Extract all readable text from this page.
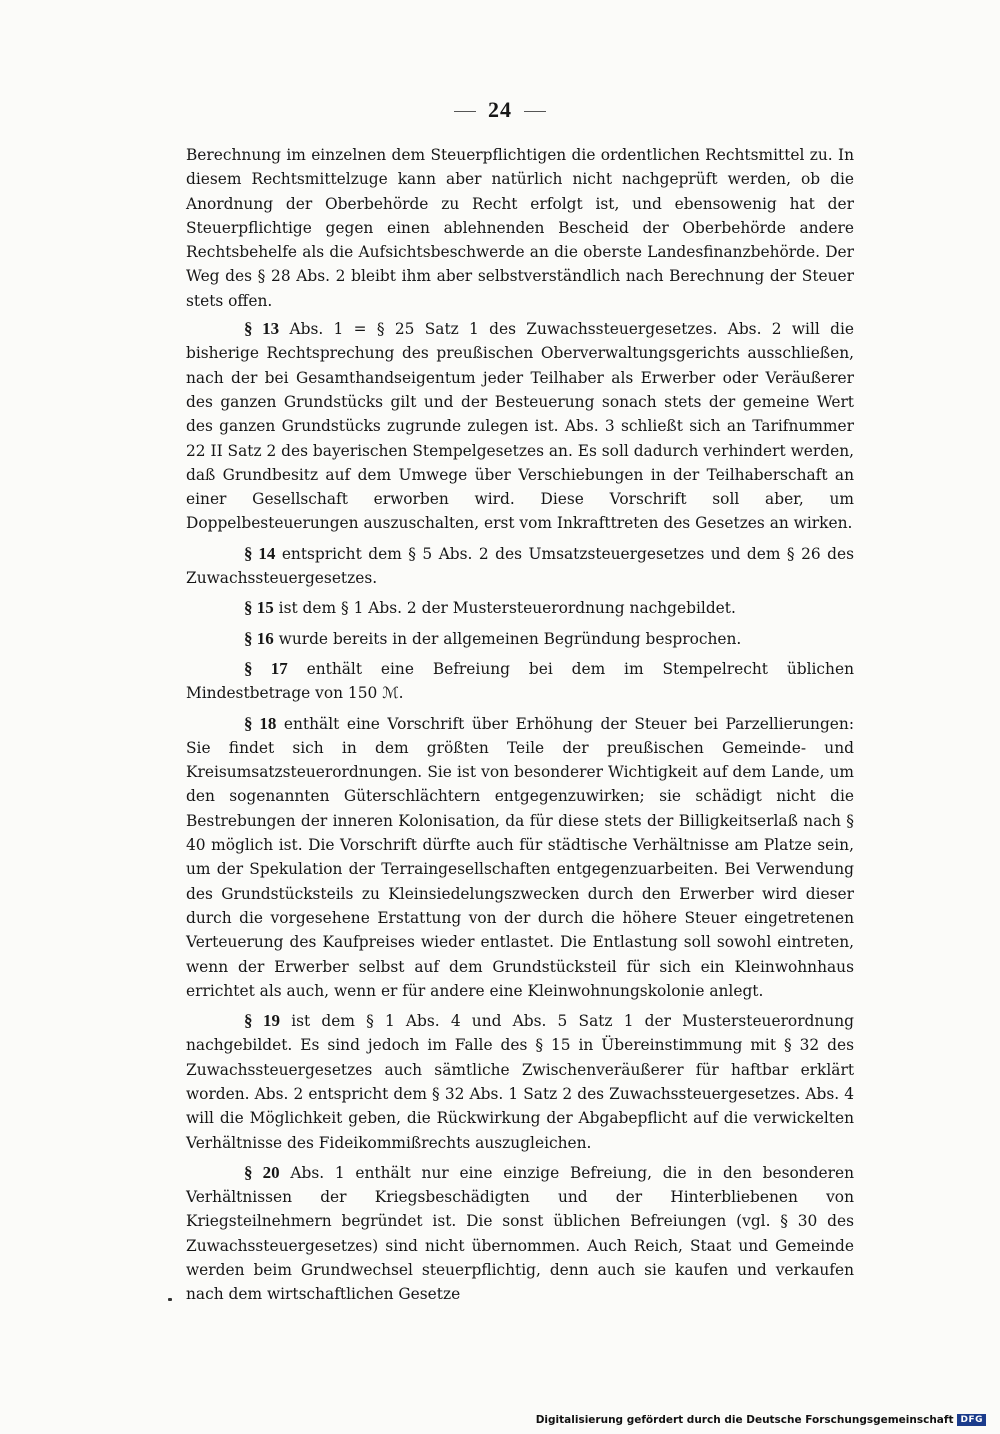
24

Berechnung im einzelnen dem Steuerpflichtigen die ordentlichen Rechtsmittel zu. In diesem Rechtsmittelzuge kann aber natürlich nicht nachgeprüft werden, ob die Anordnung der Oberbehörde zu Recht erfolgt ist, und ebensowenig hat der Steuerpflichtige gegen einen ablehnenden Bescheid der Oberbehörde andere Rechtsbehelfe als die Aufsichtsbeschwerde an die oberste Landesfinanzbehörde. Der Weg des § 28 Abs. 2 bleibt ihm aber selbstverständlich nach Berechnung der Steuer stets offen.

§ 13 Abs. 1 = § 25 Satz 1 des Zuwachssteuergesetzes. Abs. 2 will die bisherige Rechtsprechung des preußischen Oberverwaltungsgerichts ausschließen, nach der bei Gesamthandseigentum jeder Teilhaber als Erwerber oder Veräußerer des ganzen Grundstücks gilt und der Besteuerung sonach stets der gemeine Wert des ganzen Grundstücks zugrunde zulegen ist. Abs. 3 schließt sich an Tarifnummer 22 II Satz 2 des bayerischen Stempelgesetzes an. Es soll dadurch verhindert werden, daß Grundbesitz auf dem Umwege über Verschiebungen in der Teilhaberschaft an einer Gesellschaft erworben wird. Diese Vorschrift soll aber, um Doppelbesteuerungen auszuschalten, erst vom Inkrafttreten des Gesetzes an wirken.

§ 14 entspricht dem § 5 Abs. 2 des Umsatzsteuergesetzes und dem § 26 des Zuwachssteuergesetzes.

§ 15 ist dem § 1 Abs. 2 der Mustersteuerordnung nachgebildet.

§ 16 wurde bereits in der allgemeinen Begründung besprochen.

§ 17 enthält eine Befreiung bei dem im Stempelrecht üblichen Mindestbetrage von 150 ℳ.

§ 18 enthält eine Vorschrift über Erhöhung der Steuer bei Parzellierungen: Sie findet sich in dem größten Teile der preußischen Gemeinde- und Kreisumsatzsteuerordnungen. Sie ist von besonderer Wichtigkeit auf dem Lande, um den sogenannten Güterschlächtern entgegenzuwirken; sie schädigt nicht die Bestrebungen der inneren Kolonisation, da für diese stets der Billigkeitserlaß nach § 40 möglich ist. Die Vorschrift dürfte auch für städtische Verhältnisse am Platze sein, um der Spekulation der Terraingesellschaften entgegenzuarbeiten. Bei Verwendung des Grundstücksteils zu Kleinsiedelungszwecken durch den Erwerber wird dieser durch die vorgesehene Erstattung von der durch die höhere Steuer eingetretenen Verteuerung des Kaufpreises wieder entlastet. Die Entlastung soll sowohl eintreten, wenn der Erwerber selbst auf dem Grundstücksteil für sich ein Kleinwohnhaus errichtet als auch, wenn er für andere eine Kleinwohnungskolonie anlegt.

§ 19 ist dem § 1 Abs. 4 und Abs. 5 Satz 1 der Mustersteuerordnung nachgebildet. Es sind jedoch im Falle des § 15 in Übereinstimmung mit § 32 des Zuwachssteuergesetzes auch sämtliche Zwischenveräußerer für haftbar erklärt worden. Abs. 2 entspricht dem § 32 Abs. 1 Satz 2 des Zuwachssteuergesetzes. Abs. 4 will die Möglichkeit geben, die Rückwirkung der Abgabepflicht auf die verwickelten Verhältnisse des Fideikommißrechts auszugleichen.

§ 20 Abs. 1 enthält nur eine einzige Befreiung, die in den besonderen Verhältnissen der Kriegsbeschädigten und der Hinterbliebenen von Kriegsteilnehmern begründet ist. Die sonst üblichen Befreiungen (vgl. § 30 des Zuwachssteuergesetzes) sind nicht übernommen. Auch Reich, Staat und Gemeinde werden beim Grundwechsel steuerpflichtig, denn auch sie kaufen und verkaufen nach dem wirtschaftlichen Gesetze

Digitalisierung gefördert durch die Deutsche Forschungsgemeinschaft DFG
